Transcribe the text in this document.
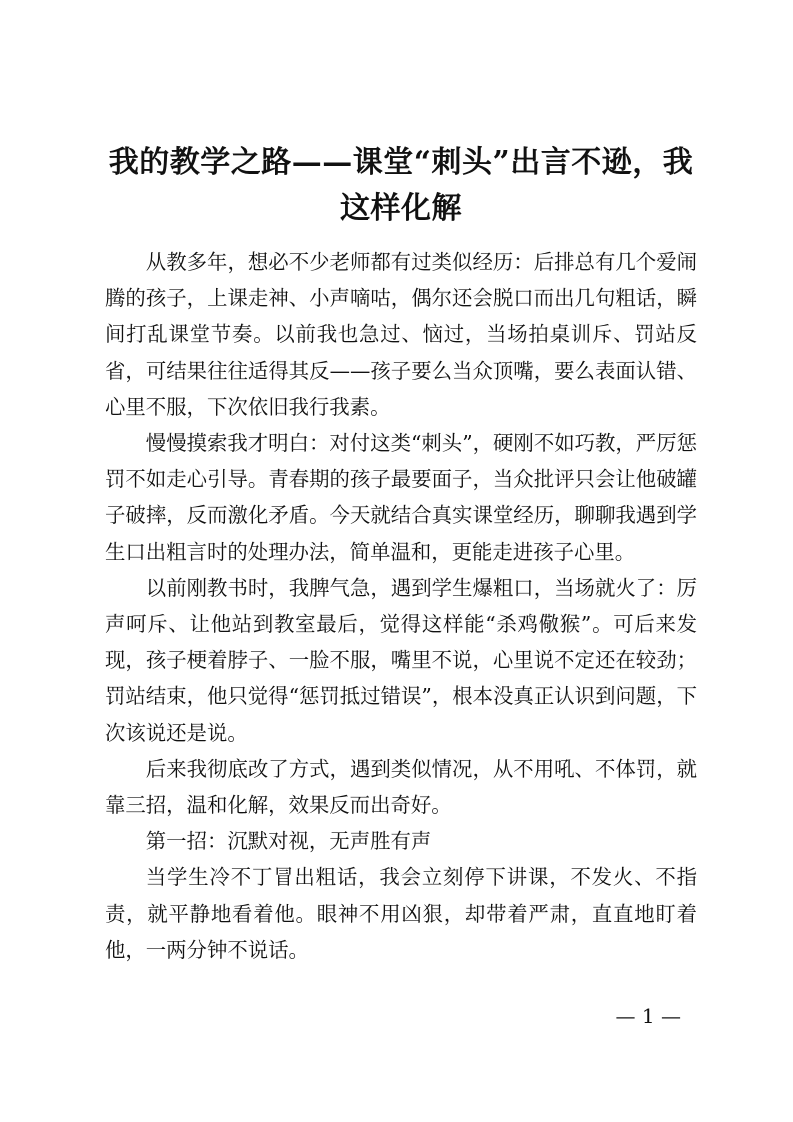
我的教学之路——课堂“刺头”出言不逊，我这样化解

从教多年，想必不少老师都有过类似经历：后排总有几个爱闹腾的孩子，上课走神、小声嘀咕，偶尔还会脱口而出几句粗话，瞬间打乱课堂节奏。以前我也急过、恼过，当场拍桌训斥、罚站反省，可结果往往适得其反——孩子要么当众顶嘴，要么表面认错、心里不服，下次依旧我行我素。

慢慢摸索我才明白：对付这类“刺头”，硬刚不如巧教，严厉惩罚不如走心引导。青春期的孩子最要面子，当众批评只会让他破罐子破摔，反而激化矛盾。今天就结合真实课堂经历，聊聊我遇到学生口出粗言时的处理办法，简单温和，更能走进孩子心里。

以前刚教书时，我脾气急，遇到学生爆粗口，当场就火了：厉声呵斥、让他站到教室最后，觉得这样能“杀鸡儆猴”。可后来发现，孩子梗着脖子、一脸不服，嘴里不说，心里说不定还在较劲；罚站结束，他只觉得“惩罚抵过错误”，根本没真正认识到问题，下次该说还是说。

后来我彻底改了方式，遇到类似情况，从不用吼、不体罚，就靠三招，温和化解，效果反而出奇好。

第一招：沉默对视，无声胜有声

当学生冷不丁冒出粗话，我会立刻停下讲课，不发火、不指责，就平静地看着他。眼神不用凶狠，却带着严肃，直直地盯着他，一两分钟不说话。

— 1 —
